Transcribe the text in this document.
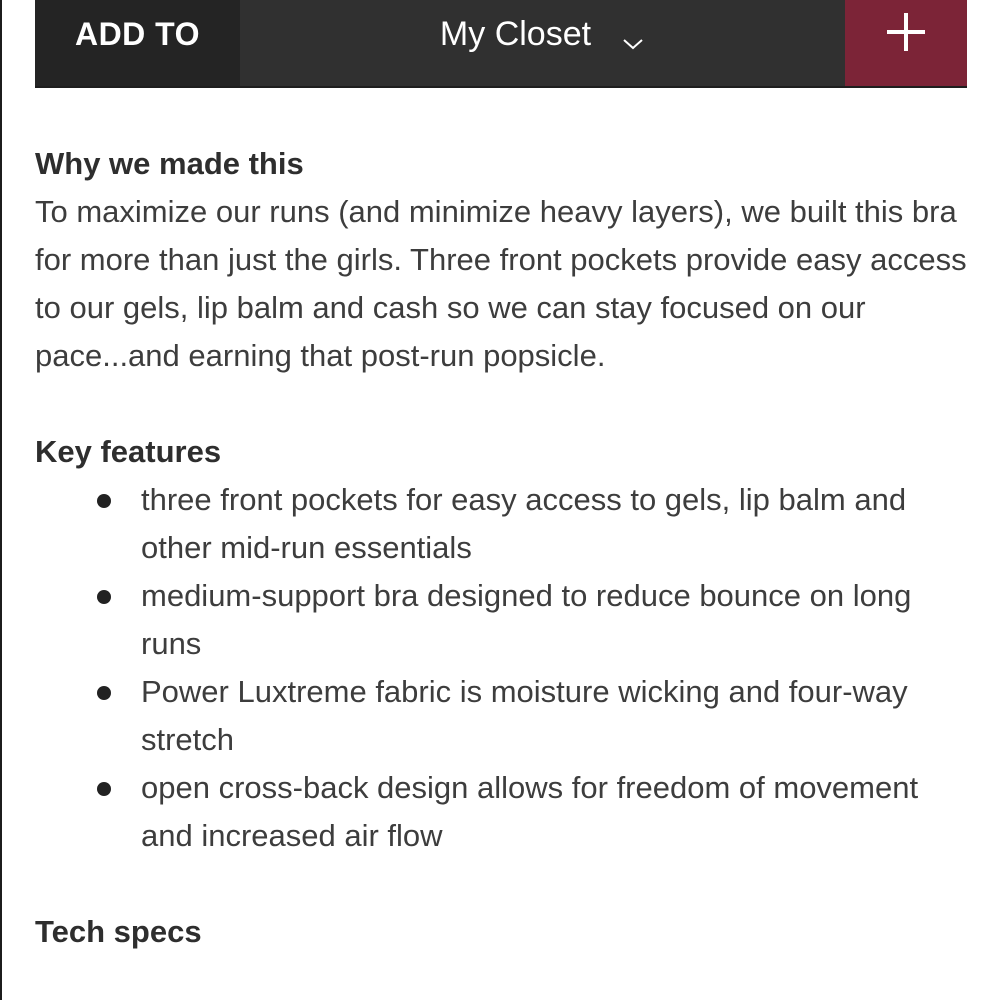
ADD TO	My Closet
Why we made this

To maximize our runs (and minimize heavy layers), we built this bra for more than just the girls. Three front pockets provide easy access to our gels, lip balm and cash so we can stay focused on our pace...and earning that post-run popsicle.

Key features
three front pockets for easy access to gels, lip balm and other mid-run essentials
medium-support bra designed to reduce bounce on long runs
Power Luxtreme fabric is moisture wicking and four-way stretch
open cross-back design allows for freedom of movement and increased air flow
Tech specs
